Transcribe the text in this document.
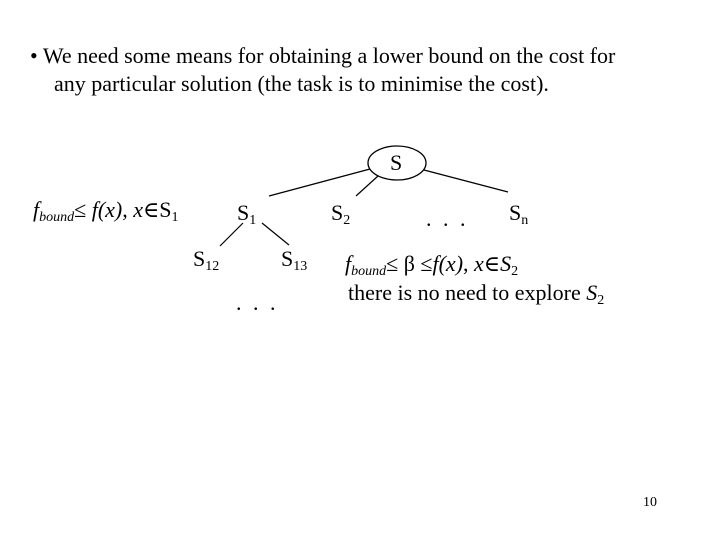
• We need some means for obtaining a lower bound on the cost for
any particular solution (the task is to minimise the cost).
S
$S_1$	$S_2$	. . . $S_n$
$S_{12}$	$S_{13}$
. . .
$f_{bound}\le f(x)$, $x\in S_1$
$f_{bound}\le \beta \le f(x)$, $x\in S_2$
there is no need to explore $S_2$
10
